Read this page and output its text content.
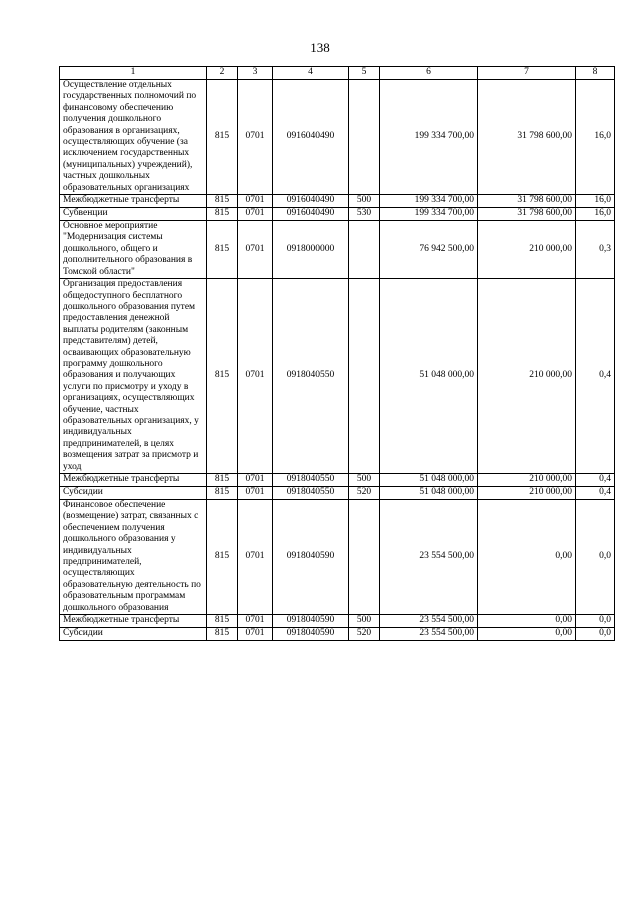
138
1	2	3	4	5	6	7	8
Осуществление отдельных государственных полномочий по финансовому обеспечению получения дошкольного образования в организациях, осуществляющих обучение (за исключением государственных (муниципальных) учреждений), частных дошкольных образовательных организациях	815	0701	0916040490		199 334 700,00	31 798 600,00	16,0
Межбюджетные трансферты	815	0701	0916040490	500	199 334 700,00	31 798 600,00	16,0
Субвенции	815	0701	0916040490	530	199 334 700,00	31 798 600,00	16,0
Основное мероприятие "Модернизация системы дошкольного, общего и дополнительного образования в Томской области"	815	0701	0918000000		76 942 500,00	210 000,00	0,3
Организация предоставления общедоступного бесплатного дошкольного образования путем предоставления денежной выплаты родителям (законным представителям) детей, осваивающих образовательную программу дошкольного образования и получающих услуги по присмотру и уходу в организациях, осуществляющих обучение, частных образовательных организациях, у индивидуальных предпринимателей, в целях возмещения затрат за присмотр и уход	815	0701	0918040550		51 048 000,00	210 000,00	0,4
Межбюджетные трансферты	815	0701	0918040550	500	51 048 000,00	210 000,00	0,4
Субсидии	815	0701	0918040550	520	51 048 000,00	210 000,00	0,4
Финансовое обеспечение (возмещение) затрат, связанных с обеспечением получения дошкольного образования у индивидуальных предпринимателей, осуществляющих образовательную деятельность по образовательным программам дошкольного образования	815	0701	0918040590		23 554 500,00	0,00	0,0
Межбюджетные трансферты	815	0701	0918040590	500	23 554 500,00	0,00	0,0
Субсидии	815	0701	0918040590	520	23 554 500,00	0,00	0,0
